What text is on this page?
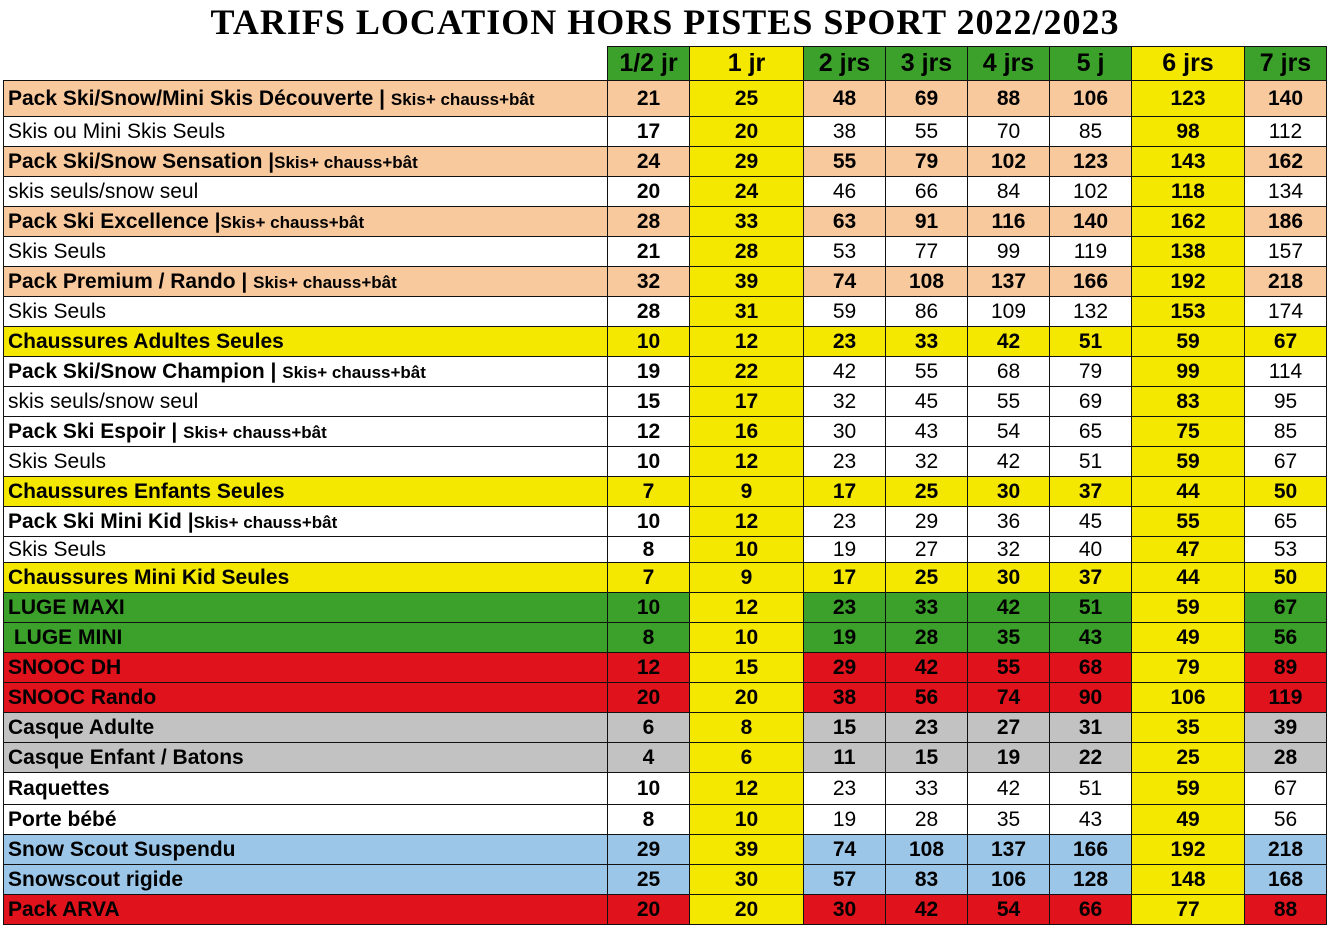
TARIFS LOCATION HORS PISTES SPORT 2022/2023
	1/2 jr	1 jr	2 jrs	3 jrs	4 jrs	5 j	6 jrs	7 jrs
Pack Ski/Snow/Mini Skis Découverte | Skis+ chauss+bât	21	25	48	69	88	106	123	140
Skis ou Mini Skis Seuls	17	20	38	55	70	85	98	112
Pack Ski/Snow Sensation |Skis+ chauss+bât	24	29	55	79	102	123	143	162
skis seuls/snow seul	20	24	46	66	84	102	118	134
Pack Ski Excellence |Skis+ chauss+bât	28	33	63	91	116	140	162	186
Skis Seuls	21	28	53	77	99	119	138	157
Pack Premium / Rando | Skis+ chauss+bât	32	39	74	108	137	166	192	218
Skis Seuls	28	31	59	86	109	132	153	174
Chaussures Adultes Seules	10	12	23	33	42	51	59	67
Pack Ski/Snow Champion | Skis+ chauss+bât	19	22	42	55	68	79	99	114
skis seuls/snow seul	15	17	32	45	55	69	83	95
Pack Ski Espoir | Skis+ chauss+bât	12	16	30	43	54	65	75	85
Skis Seuls	10	12	23	32	42	51	59	67
Chaussures Enfants Seules	7	9	17	25	30	37	44	50
Pack Ski Mini Kid |Skis+ chauss+bât	10	12	23	29	36	45	55	65
Skis Seuls	8	10	19	27	32	40	47	53
Chaussures Mini Kid Seules	7	9	17	25	30	37	44	50
LUGE MAXI	10	12	23	33	42	51	59	67
LUGE MINI	8	10	19	28	35	43	49	56
SNOOC DH	12	15	29	42	55	68	79	89
SNOOC Rando	20	20	38	56	74	90	106	119
Casque Adulte	6	8	15	23	27	31	35	39
Casque Enfant / Batons	4	6	11	15	19	22	25	28
Raquettes	10	12	23	33	42	51	59	67
Porte bébé	8	10	19	28	35	43	49	56
Snow Scout Suspendu	29	39	74	108	137	166	192	218
Snowscout rigide	25	30	57	83	106	128	148	168
Pack ARVA	20	20	30	42	54	66	77	88
